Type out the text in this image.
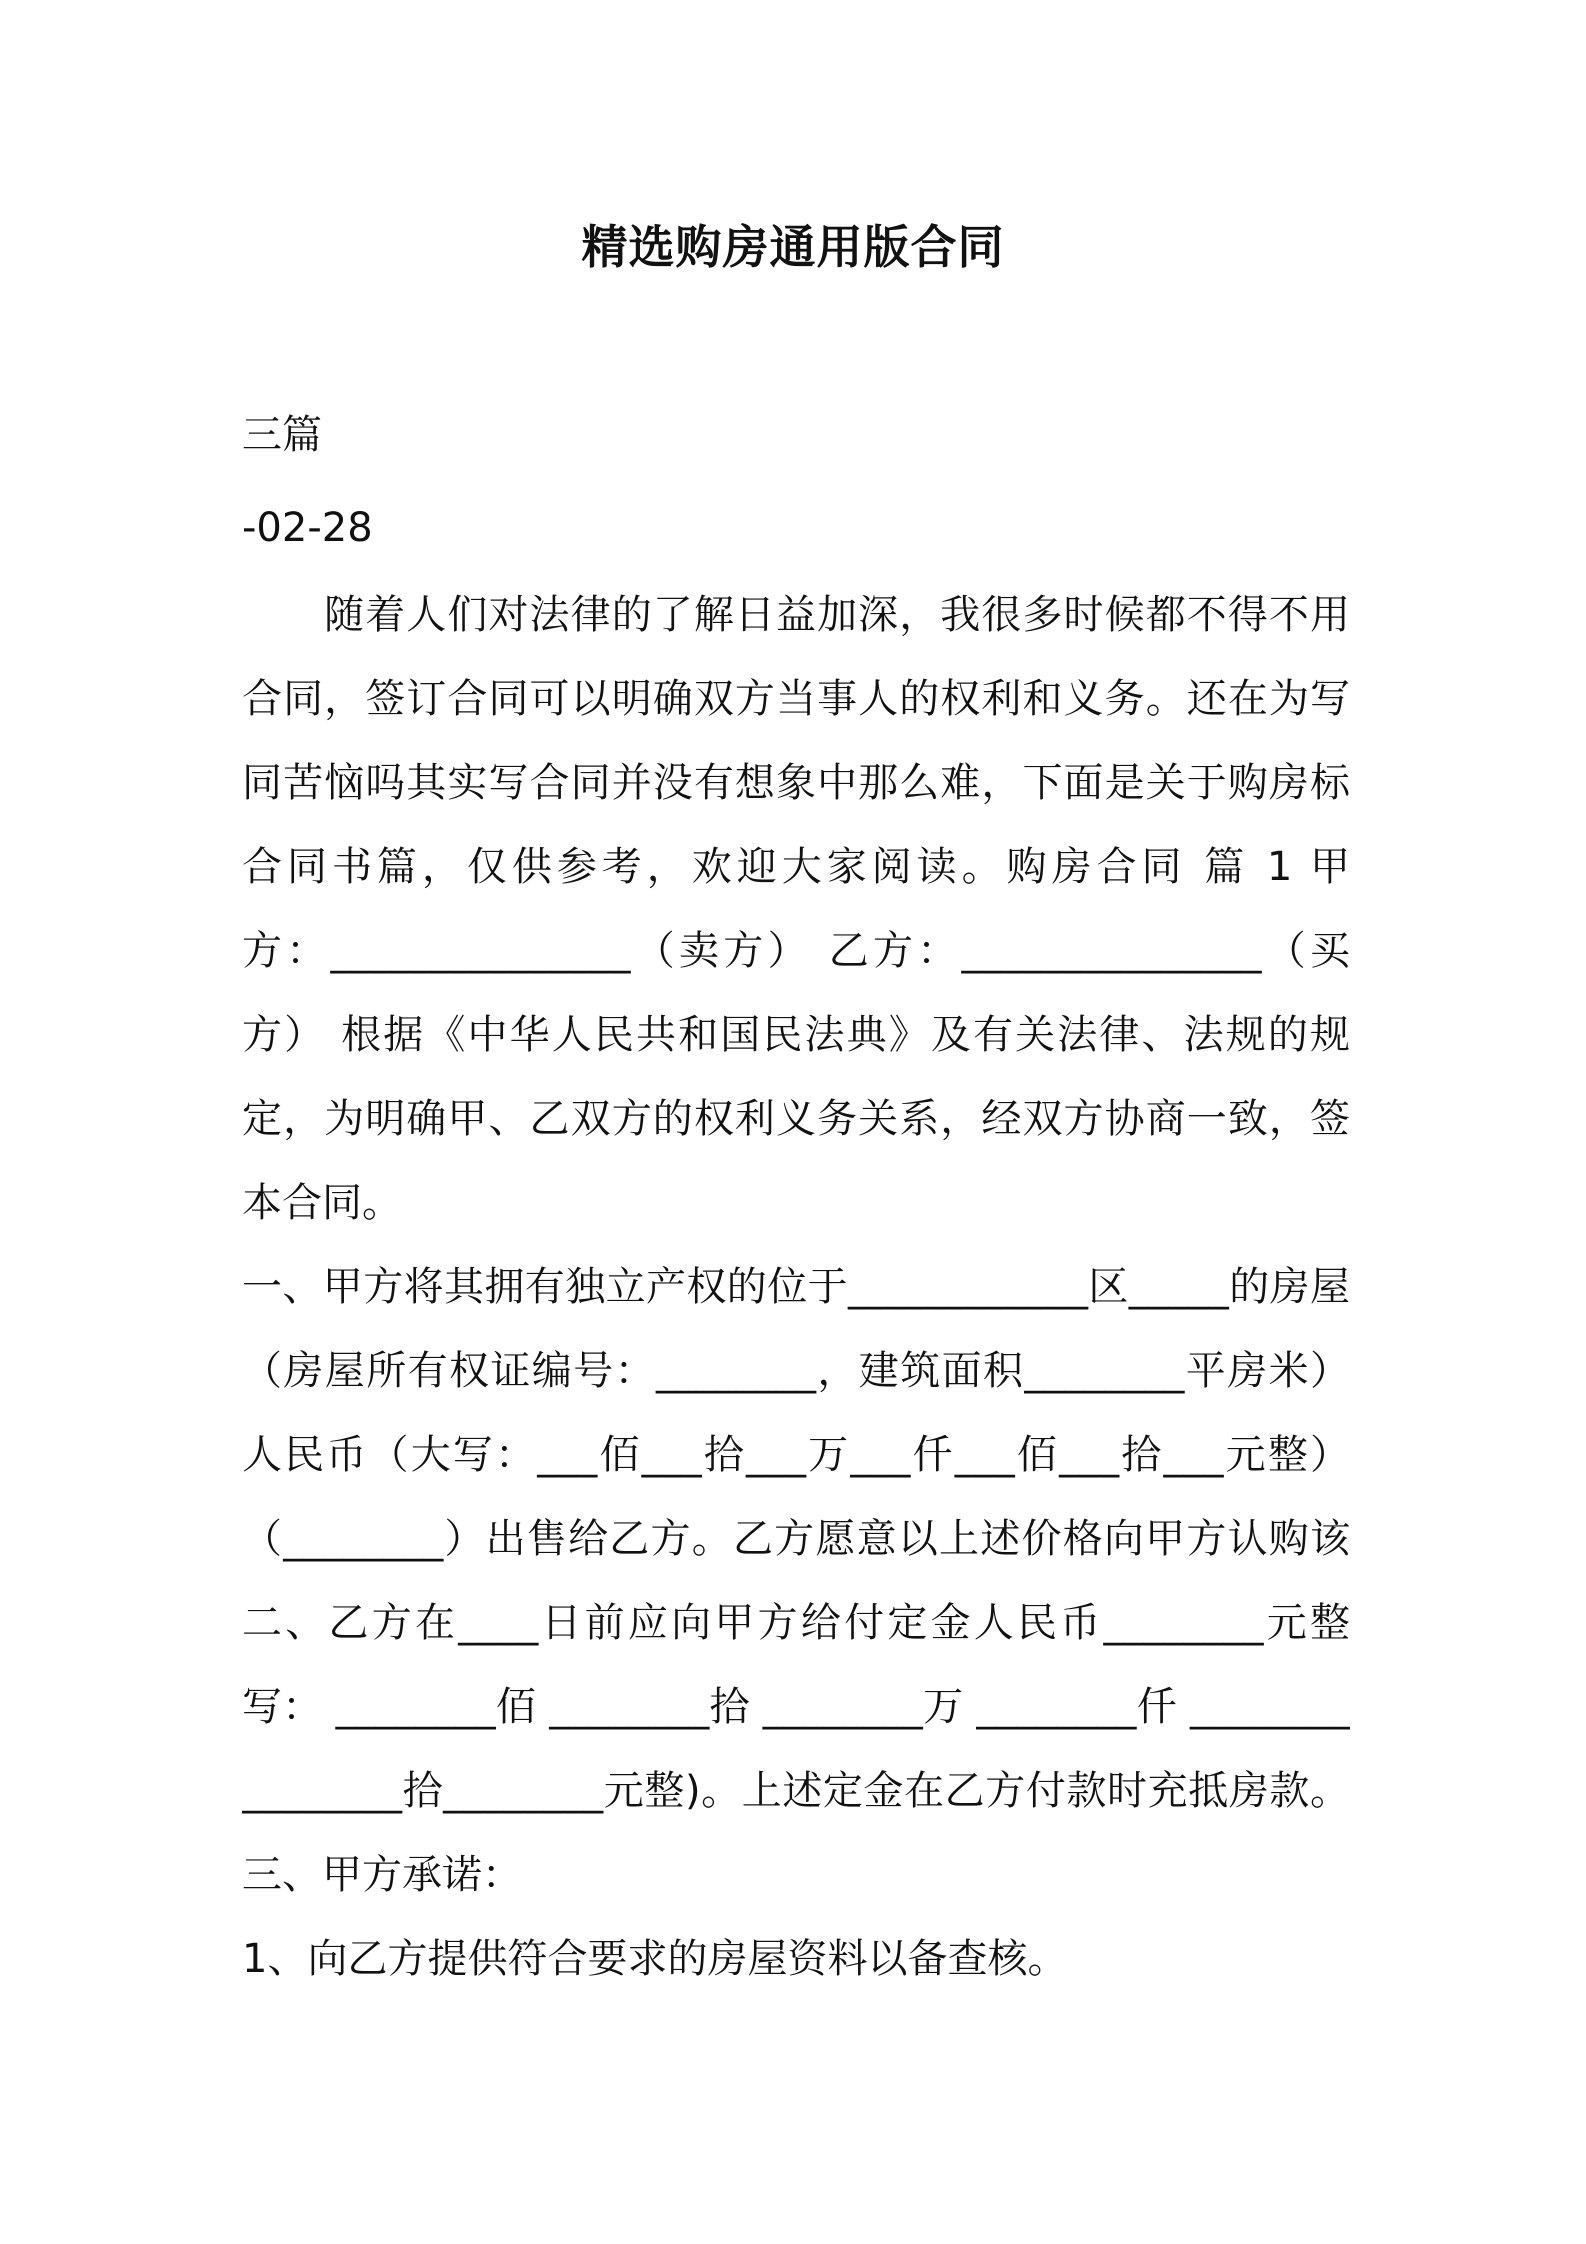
精选购房通用版合同
三篇
-02-28
　　随着人们对法律的了解日益加深，我很多时候都不得不用
合同，签订合同可以明确双方当事人的权利和义务。还在为写
同苦恼吗其实写合同并没有想象中那么难，下面是关于购房标
合同书篇，仅供参考，欢迎大家阅读。购房合同 篇 1 甲
方：_______________（卖方） 乙方：_______________（买
方） 根据《中华人民共和国民法典》及有关法律、法规的规
定，为明确甲、乙双方的权利义务关系，经双方协商一致，签
本合同。
一、甲方将其拥有独立产权的位于____________区_____的房屋
（房屋所有权证编号：________，建筑面积________平房米）
人民币（大写：___佰___拾___万___仟___佰___拾___元整）
（________）出售给乙方。乙方愿意以上述价格向甲方认购该
二、乙方在____日前应向甲方给付定金人民币________元整
写： ________佰 ________拾 ________万 ________仟 ________
________拾________元整)。上述定金在乙方付款时充抵房款。
三、甲方承诺：
1、向乙方提供符合要求的房屋资料以备查核。
